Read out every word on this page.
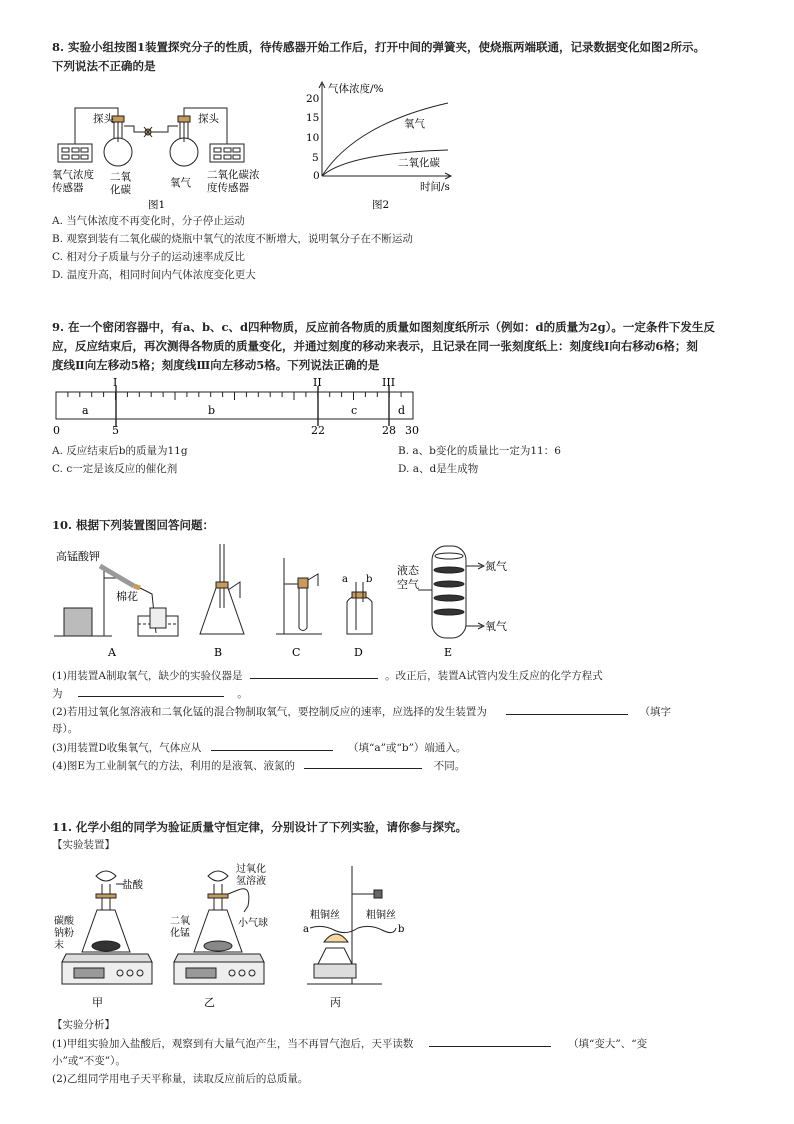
8. 实验小组按图1装置探究分子的性质，待传感器开始工作后，打开中间的弹簧夹，使烧瓶两端联通，记录数据变化如图2所示。
下列说法不正确的是
探头	探头
氧气浓度
传感器
二氧
化碳
氧气
二氧化碳浓
度传感器
图1
气体浓度/%
20
15
10
5
0
氧气
二氧化碳
时间/s
图2
A. 当气体浓度不再变化时，分子停止运动
B. 观察到装有二氧化碳的烧瓶中氧气的浓度不断增大，说明氧分子在不断运动
C. 相对分子质量与分子的运动速率成反比
D. 温度升高，相同时间内气体浓度变化更大
9. 在一个密闭容器中，有a、b、c、d四种物质，反应前各物质的质量如图刻度纸所示（例如：d的质量为2g）。一定条件下发生反
应，反应结束后，再次测得各物质的质量变化，并通过刻度的移动来表示，且记录在同一张刻度纸上：刻度线Ⅰ向右移动6格；刻
度线Ⅱ向左移动5格；刻度线Ⅲ向左移动5格。下列说法正确的是
I	II	III
a	b	c	d
0	5	22	28 30
A. 反应结束后b的质量为11g	B. a、b变化的质量比一定为11：6
C. c一定是该反应的催化剂	D. a、d是生成物
10. 根据下列装置图回答问题：
高锰酸钾
棉花
a b
液态
空气
氮气
氧气
A	B	C	D	E
(1)用装置A制取氧气，缺少的实验仪器是	。改正后，装置A试管内发生反应的化学方程式
为	。
(2)若用过氧化氢溶液和二氧化锰的混合物制取氧气，要控制反应的速率，应选择的发生装置为	（填字
母）。
(3)用装置D收集氧气，气体应从	（填“a”或“b”）端通入。
(4)图E为工业制氧气的方法，利用的是液氧、液氮的	不同。
11. 化学小组的同学为验证质量守恒定律，分别设计了下列实验，请你参与探究。
【实验装置】
盐酸
碳酸
钠粉
末
过氧化
氢溶液
二氧
化锰
小气球
粗铜丝	粗铜丝
a	b
甲	乙	丙
【实验分析】
(1)甲组实验加入盐酸后，观察到有大量气泡产生，当不再冒气泡后，天平读数	（填“变大”、“变
小”或“不变”）。
(2)乙组同学用电子天平称量，读取反应前后的总质量。
